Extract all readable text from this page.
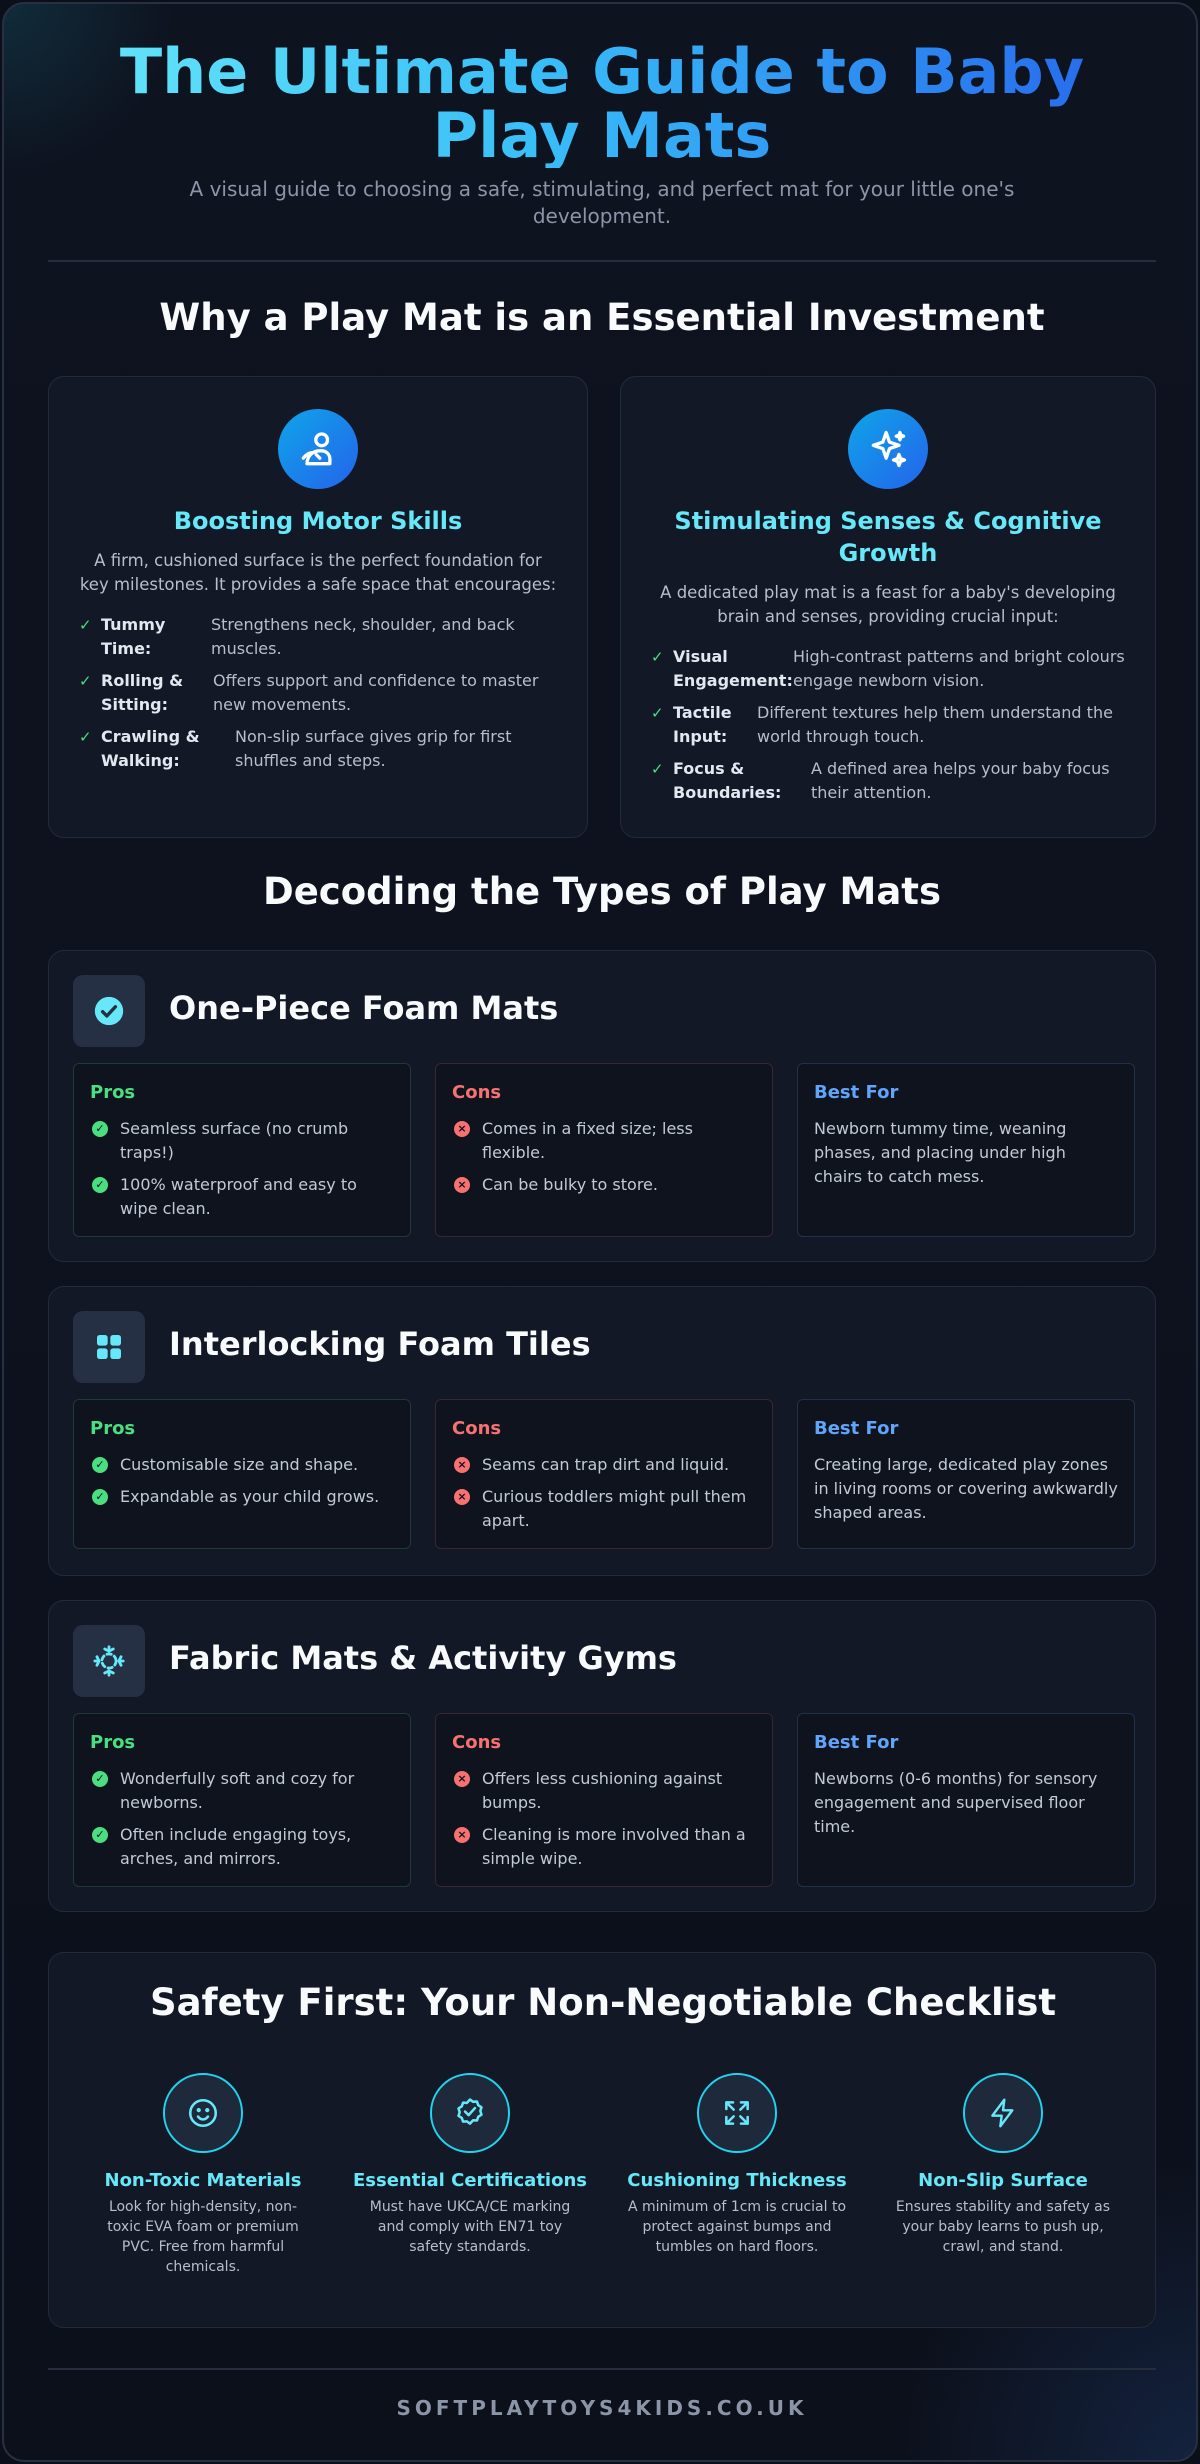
The Ultimate Guide to Baby Play Mats

A visual guide to choosing a safe, stimulating, and perfect mat for your little one's development.

Why a Play Mat is an Essential Investment
Boosting Motor Skills

A firm, cushioned surface is the perfect foundation for key milestones. It provides a safe space that encourages:

✓ Tummy Time:
Strengthens neck, shoulder, and back muscles.
✓ Rolling & Sitting:
Offers support and confidence to master new movements.
✓ Crawling & Walking:
Non-slip surface gives grip for first shuffles and steps.
Stimulating Senses & Cognitive Growth

A dedicated play mat is a feast for a baby's developing brain and senses, providing crucial input:

✓ Visual Engagement:
High-contrast patterns and bright colours engage newborn vision.
✓ Tactile Input:
Different textures help them understand the world through touch.
✓ Focus & Boundaries:
A defined area helps your baby focus their attention.
Decoding the Types of Play Mats
One-Piece Foam Mats
Pros
✓ Seamless surface (no crumb traps!)
✓ 100% waterproof and easy to wipe clean.
Cons
× Comes in a fixed size; less flexible.
× Can be bulky to store.
Best For

Newborn tummy time, weaning phases, and placing under high chairs to catch mess.

Interlocking Foam Tiles
Pros
✓ Customisable size and shape.
✓ Expandable as your child grows.
Cons
× Seams can trap dirt and liquid.
× Curious toddlers might pull them apart.
Best For

Creating large, dedicated play zones in living rooms or covering awkwardly shaped areas.

Fabric Mats & Activity Gyms
Pros
✓ Wonderfully soft and cozy for newborns.
✓ Often include engaging toys, arches, and mirrors.
Cons
× Offers less cushioning against bumps.
× Cleaning is more involved than a simple wipe.
Best For

Newborns (0-6 months) for sensory engagement and supervised floor time.

Safety First: Your Non-Negotiable Checklist
Non-Toxic Materials
Look for high-density, non-toxic EVA foam or premium PVC. Free from harmful chemicals.
Essential Certifications
Must have UKCA/CE marking and comply with EN71 toy safety standards.
Cushioning Thickness
A minimum of 1cm is crucial to protect against bumps and tumbles on hard floors.
Non-Slip Surface
Ensures stability and safety as your baby learns to push up, crawl, and stand.
SOFTPLAYTOYS4KIDS.CO.UK
